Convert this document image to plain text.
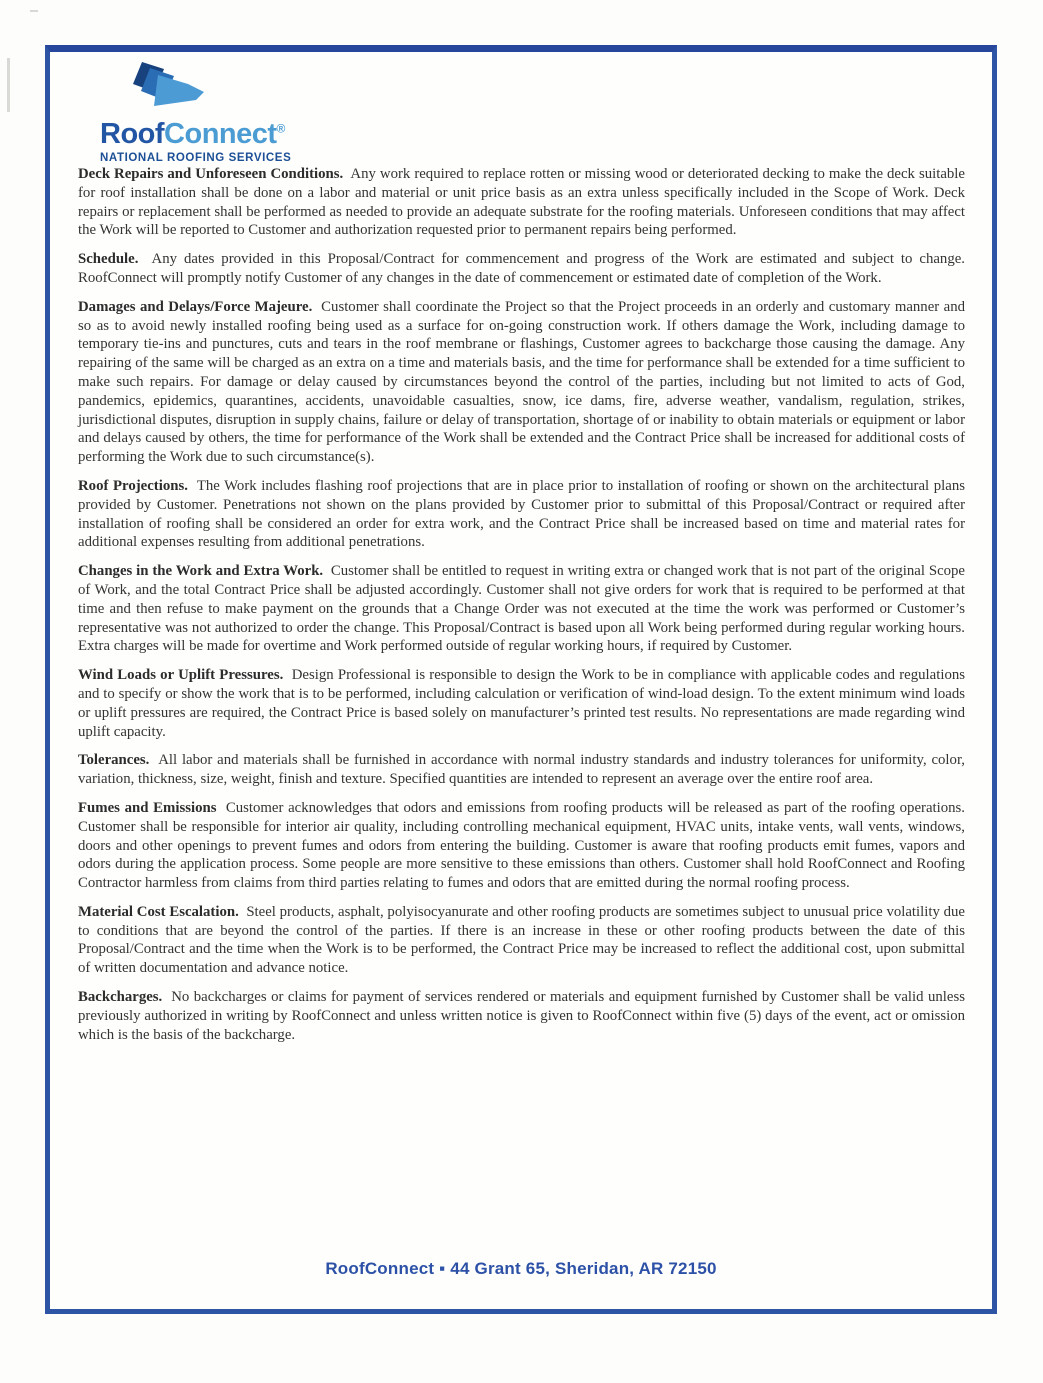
RoofConnect®
NATIONAL ROOFING SERVICES

Deck Repairs and Unforeseen Conditions. Any work required to replace rotten or missing wood or deteriorated decking to make the deck suitable for roof installation shall be done on a labor and material or unit price basis as an extra unless specifically included in the Scope of Work. Deck repairs or replacement shall be performed as needed to provide an adequate substrate for the roofing materials. Unforeseen conditions that may affect the Work will be reported to Customer and authorization requested prior to permanent repairs being performed.

Schedule. Any dates provided in this Proposal/Contract for commencement and progress of the Work are estimated and subject to change. RoofConnect will promptly notify Customer of any changes in the date of commencement or estimated date of completion of the Work.

Damages and Delays/Force Majeure. Customer shall coordinate the Project so that the Project proceeds in an orderly and customary manner and so as to avoid newly installed roofing being used as a surface for on-going construction work. If others damage the Work, including damage to temporary tie-ins and punctures, cuts and tears in the roof membrane or flashings, Customer agrees to backcharge those causing the damage. Any repairing of the same will be charged as an extra on a time and materials basis, and the time for performance shall be extended for a time sufficient to make such repairs. For damage or delay caused by circumstances beyond the control of the parties, including but not limited to acts of God, pandemics, epidemics, quarantines, accidents, unavoidable casualties, snow, ice dams, fire, adverse weather, vandalism, regulation, strikes, jurisdictional disputes, disruption in supply chains, failure or delay of transportation, shortage of or inability to obtain materials or equipment or labor and delays caused by others, the time for performance of the Work shall be extended and the Contract Price shall be increased for additional costs of performing the Work due to such circumstance(s).

Roof Projections. The Work includes flashing roof projections that are in place prior to installation of roofing or shown on the architectural plans provided by Customer. Penetrations not shown on the plans provided by Customer prior to submittal of this Proposal/Contract or required after installation of roofing shall be considered an order for extra work, and the Contract Price shall be increased based on time and material rates for additional expenses resulting from additional penetrations.

Changes in the Work and Extra Work. Customer shall be entitled to request in writing extra or changed work that is not part of the original Scope of Work, and the total Contract Price shall be adjusted accordingly. Customer shall not give orders for work that is required to be performed at that time and then refuse to make payment on the grounds that a Change Order was not executed at the time the work was performed or Customer’s representative was not authorized to order the change. This Proposal/Contract is based upon all Work being performed during regular working hours. Extra charges will be made for overtime and Work performed outside of regular working hours, if required by Customer.

Wind Loads or Uplift Pressures. Design Professional is responsible to design the Work to be in compliance with applicable codes and regulations and to specify or show the work that is to be performed, including calculation or verification of wind-load design. To the extent minimum wind loads or uplift pressures are required, the Contract Price is based solely on manufacturer’s printed test results. No representations are made regarding wind uplift capacity.

Tolerances. All labor and materials shall be furnished in accordance with normal industry standards and industry tolerances for uniformity, color, variation, thickness, size, weight, finish and texture. Specified quantities are intended to represent an average over the entire roof area.

Fumes and Emissions Customer acknowledges that odors and emissions from roofing products will be released as part of the roofing operations. Customer shall be responsible for interior air quality, including controlling mechanical equipment, HVAC units, intake vents, wall vents, windows, doors and other openings to prevent fumes and odors from entering the building. Customer is aware that roofing products emit fumes, vapors and odors during the application process. Some people are more sensitive to these emissions than others. Customer shall hold RoofConnect and Roofing Contractor harmless from claims from third parties relating to fumes and odors that are emitted during the normal roofing process.

Material Cost Escalation. Steel products, asphalt, polyisocyanurate and other roofing products are sometimes subject to unusual price volatility due to conditions that are beyond the control of the parties. If there is an increase in these or other roofing products between the date of this Proposal/Contract and the time when the Work is to be performed, the Contract Price may be increased to reflect the additional cost, upon submittal of written documentation and advance notice.

Backcharges. No backcharges or claims for payment of services rendered or materials and equipment furnished by Customer shall be valid unless previously authorized in writing by RoofConnect and unless written notice is given to RoofConnect within five (5) days of the event, act or omission which is the basis of the backcharge.

RoofConnect ▪ 44 Grant 65, Sheridan, AR 72150
